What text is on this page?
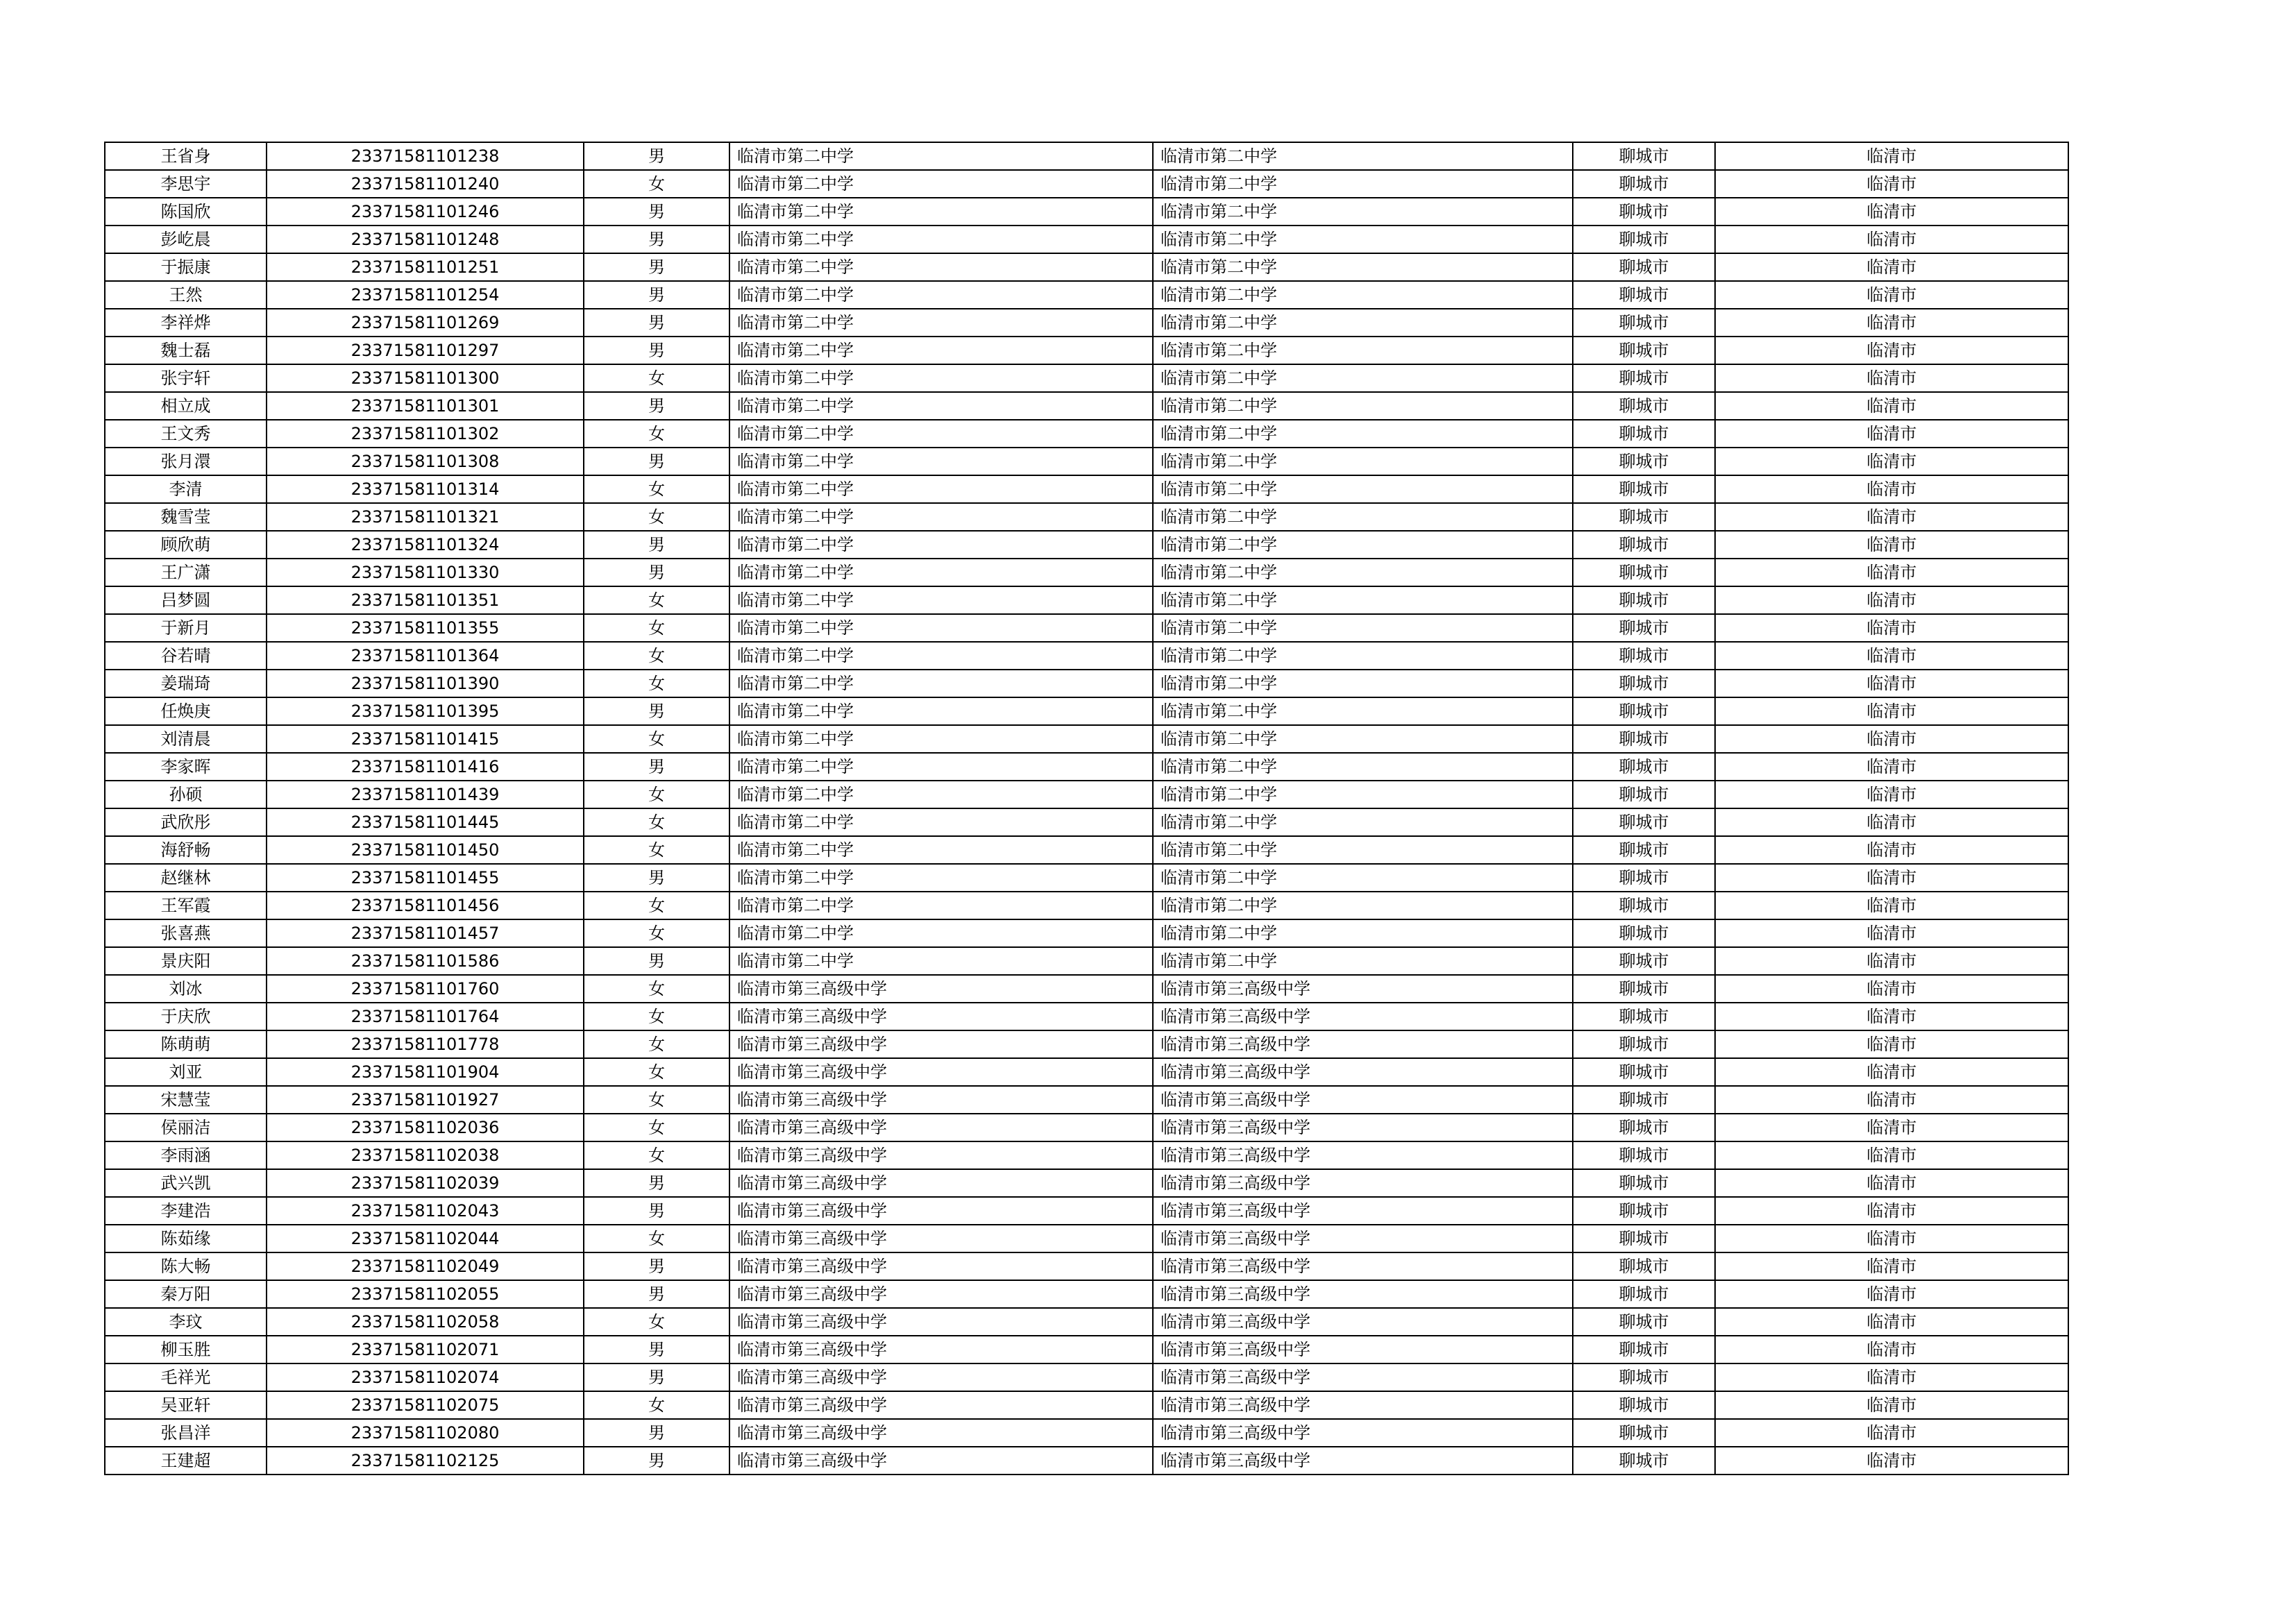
王省身	23371581101238	男	临清市第二中学	临清市第二中学	聊城市	临清市
李思宇	23371581101240	女	临清市第二中学	临清市第二中学	聊城市	临清市
陈国欣	23371581101246	男	临清市第二中学	临清市第二中学	聊城市	临清市
彭屹晨	23371581101248	男	临清市第二中学	临清市第二中学	聊城市	临清市
于振康	23371581101251	男	临清市第二中学	临清市第二中学	聊城市	临清市
王然	23371581101254	男	临清市第二中学	临清市第二中学	聊城市	临清市
李祥烨	23371581101269	男	临清市第二中学	临清市第二中学	聊城市	临清市
魏士磊	23371581101297	男	临清市第二中学	临清市第二中学	聊城市	临清市
张宇轩	23371581101300	女	临清市第二中学	临清市第二中学	聊城市	临清市
相立成	23371581101301	男	临清市第二中学	临清市第二中学	聊城市	临清市
王文秀	23371581101302	女	临清市第二中学	临清市第二中学	聊城市	临清市
张月澴	23371581101308	男	临清市第二中学	临清市第二中学	聊城市	临清市
李清	23371581101314	女	临清市第二中学	临清市第二中学	聊城市	临清市
魏雪莹	23371581101321	女	临清市第二中学	临清市第二中学	聊城市	临清市
顾欣萌	23371581101324	男	临清市第二中学	临清市第二中学	聊城市	临清市
王广潇	23371581101330	男	临清市第二中学	临清市第二中学	聊城市	临清市
吕梦圆	23371581101351	女	临清市第二中学	临清市第二中学	聊城市	临清市
于新月	23371581101355	女	临清市第二中学	临清市第二中学	聊城市	临清市
谷若晴	23371581101364	女	临清市第二中学	临清市第二中学	聊城市	临清市
姜瑞琦	23371581101390	女	临清市第二中学	临清市第二中学	聊城市	临清市
任焕庚	23371581101395	男	临清市第二中学	临清市第二中学	聊城市	临清市
刘清晨	23371581101415	女	临清市第二中学	临清市第二中学	聊城市	临清市
李家晖	23371581101416	男	临清市第二中学	临清市第二中学	聊城市	临清市
孙硕	23371581101439	女	临清市第二中学	临清市第二中学	聊城市	临清市
武欣彤	23371581101445	女	临清市第二中学	临清市第二中学	聊城市	临清市
海舒畅	23371581101450	女	临清市第二中学	临清市第二中学	聊城市	临清市
赵继林	23371581101455	男	临清市第二中学	临清市第二中学	聊城市	临清市
王军霞	23371581101456	女	临清市第二中学	临清市第二中学	聊城市	临清市
张喜燕	23371581101457	女	临清市第二中学	临清市第二中学	聊城市	临清市
景庆阳	23371581101586	男	临清市第二中学	临清市第二中学	聊城市	临清市
刘冰	23371581101760	女	临清市第三高级中学	临清市第三高级中学	聊城市	临清市
于庆欣	23371581101764	女	临清市第三高级中学	临清市第三高级中学	聊城市	临清市
陈萌萌	23371581101778	女	临清市第三高级中学	临清市第三高级中学	聊城市	临清市
刘亚	23371581101904	女	临清市第三高级中学	临清市第三高级中学	聊城市	临清市
宋慧莹	23371581101927	女	临清市第三高级中学	临清市第三高级中学	聊城市	临清市
侯丽洁	23371581102036	女	临清市第三高级中学	临清市第三高级中学	聊城市	临清市
李雨涵	23371581102038	女	临清市第三高级中学	临清市第三高级中学	聊城市	临清市
武兴凯	23371581102039	男	临清市第三高级中学	临清市第三高级中学	聊城市	临清市
李建浩	23371581102043	男	临清市第三高级中学	临清市第三高级中学	聊城市	临清市
陈茹缘	23371581102044	女	临清市第三高级中学	临清市第三高级中学	聊城市	临清市
陈大畅	23371581102049	男	临清市第三高级中学	临清市第三高级中学	聊城市	临清市
秦万阳	23371581102055	男	临清市第三高级中学	临清市第三高级中学	聊城市	临清市
李玟	23371581102058	女	临清市第三高级中学	临清市第三高级中学	聊城市	临清市
柳玉胜	23371581102071	男	临清市第三高级中学	临清市第三高级中学	聊城市	临清市
毛祥光	23371581102074	男	临清市第三高级中学	临清市第三高级中学	聊城市	临清市
吴亚轩	23371581102075	女	临清市第三高级中学	临清市第三高级中学	聊城市	临清市
张昌洋	23371581102080	男	临清市第三高级中学	临清市第三高级中学	聊城市	临清市
王建超	23371581102125	男	临清市第三高级中学	临清市第三高级中学	聊城市	临清市
